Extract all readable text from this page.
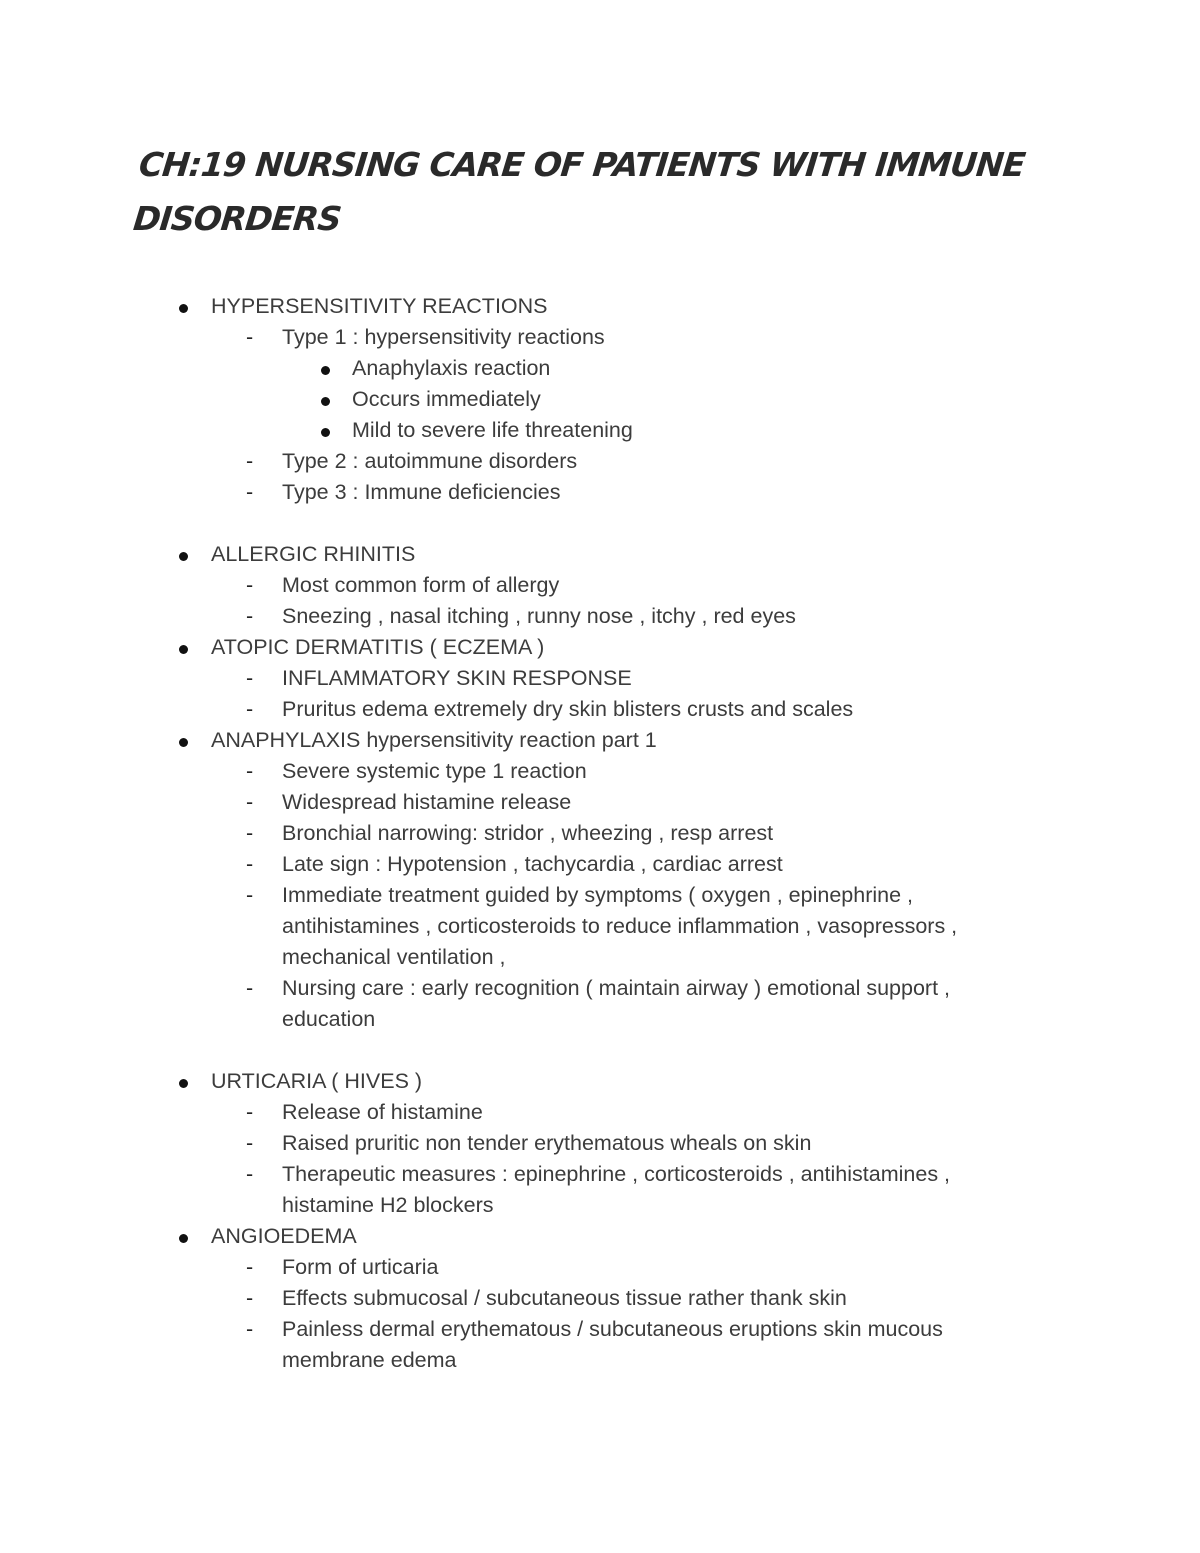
CH:19 NURSING CARE OF PATIENTS WITH IMMUNE DISORDERS
HYPERSENSITIVITY REACTIONS
- Type 1 : hypersensitivity reactions
Anaphylaxis reaction
Occurs immediately
Mild to severe life threatening
- Type 2 : autoimmune disorders
- Type 3 : Immune deficiencies
ALLERGIC RHINITIS
- Most common form of allergy
- Sneezing , nasal itching , runny nose , itchy , red eyes
ATOPIC DERMATITIS ( ECZEMA )
- INFLAMMATORY SKIN RESPONSE
- Pruritus edema extremely dry skin blisters crusts and scales
ANAPHYLAXIS hypersensitivity reaction part 1
- Severe systemic type 1 reaction
- Widespread histamine release
- Bronchial narrowing: stridor , wheezing , resp arrest
- Late sign : Hypotension , tachycardia , cardiac arrest
- Immediate treatment guided by symptoms ( oxygen , epinephrine ,
antihistamines , corticosteroids to reduce inflammation , vasopressors ,
mechanical ventilation ,
- Nursing care : early recognition ( maintain airway ) emotional support ,
education
URTICARIA ( HIVES )
- Release of histamine
- Raised pruritic non tender erythematous wheals on skin
- Therapeutic measures : epinephrine , corticosteroids , antihistamines ,
histamine H2 blockers
ANGIOEDEMA
- Form of urticaria
- Effects submucosal / subcutaneous tissue rather thank skin
- Painless dermal erythematous / subcutaneous eruptions skin mucous
membrane edema
